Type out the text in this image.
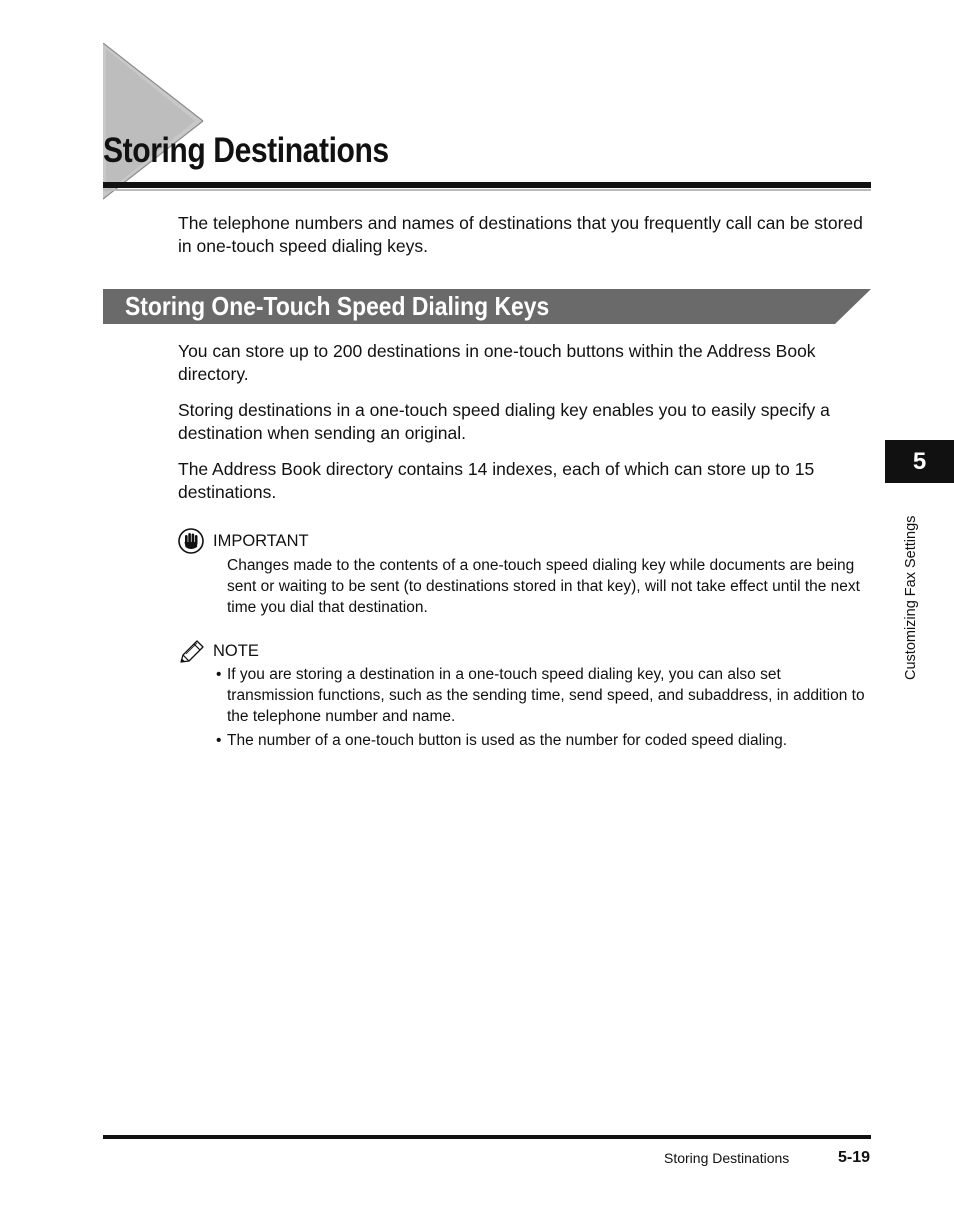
Storing Destinations

The telephone numbers and names of destinations that you frequently call can be stored in one-touch speed dialing keys.

Storing One-Touch Speed Dialing Keys

You can store up to 200 destinations in one-touch buttons within the Address Book directory.

Storing destinations in a one-touch speed dialing key enables you to easily specify a destination when sending an original.

The Address Book directory contains 14 indexes, each of which can store up to 15 destinations.

IMPORTANT

Changes made to the contents of a one-touch speed dialing key while documents are being sent or waiting to be sent (to destinations stored in that key), will not take effect until the next time you dial that destination.

NOTE
• If you are storing a destination in a one-touch speed dialing key, you can also set transmission functions, such as the sending time, send speed, and subaddress, in addition to the telephone number and name.
• The number of a one-touch button is used as the number for coded speed dialing.
5
Customizing Fax Settings
Storing Destinations	5-19
